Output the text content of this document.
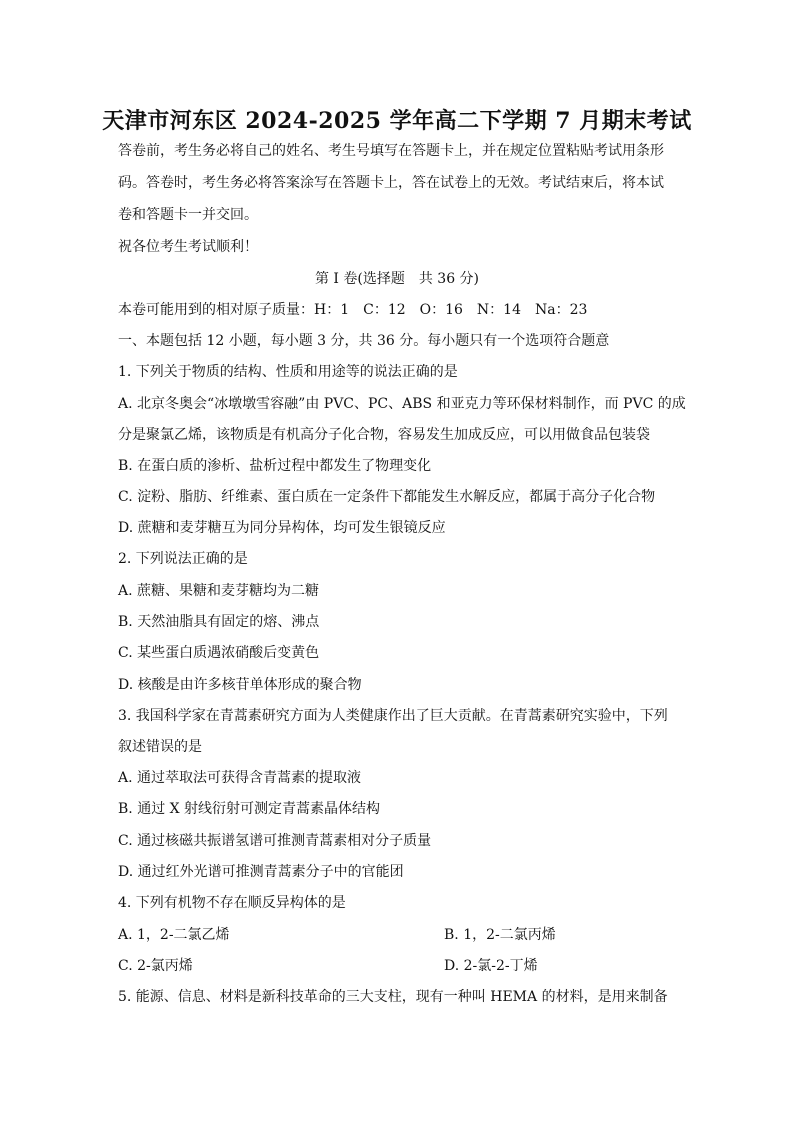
天津市河东区 2024-2025 学年高二下学期 7 月期末考试
答卷前，考生务必将自己的姓名、考生号填写在答题卡上，并在规定位置粘贴考试用条形
码。答卷时，考生务必将答案涂写在答题卡上，答在试卷上的无效。考试结束后，将本试
卷和答题卡一并交回。
祝各位考生考试顺利！
第 I 卷(选择题　共 36 分)
本卷可能用到的相对原子质量：H：1　C：12　O：16　N：14　Na：23
一、本题包括 12 小题，每小题 3 分，共 36 分。每小题只有一个选项符合题意
1. 下列关于物质的结构、性质和用途等的说法正确的是
A. 北京冬奥会“冰墩墩雪容融”由 PVC、PC、ABS 和亚克力等环保材料制作，而 PVC 的成
分是聚氯乙烯，该物质是有机高分子化合物，容易发生加成反应，可以用做食品包装袋
B. 在蛋白质的渗析、盐析过程中都发生了物理变化
C. 淀粉、脂肪、纤维素、蛋白质在一定条件下都能发生水解反应，都属于高分子化合物
D. 蔗糖和麦芽糖互为同分异构体，均可发生银镜反应
2. 下列说法正确的是
A. 蔗糖、果糖和麦芽糖均为二糖
B. 天然油脂具有固定的熔、沸点
C. 某些蛋白质遇浓硝酸后变黄色
D. 核酸是由许多核苷单体形成的聚合物
3. 我国科学家在青蒿素研究方面为人类健康作出了巨大贡献。在青蒿素研究实验中，下列
叙述错误的是
A. 通过萃取法可获得含青蒿素的提取液
B. 通过 X 射线衍射可测定青蒿素晶体结构
C. 通过核磁共振谱氢谱可推测青蒿素相对分子质量
D. 通过红外光谱可推测青蒿素分子中的官能团
4. 下列有机物不存在顺反异构体的是
A. 1，2-二氯乙烯	B. 1，2-二氯丙烯
C. 2-氯丙烯	D. 2-氯-2-丁烯
5. 能源、信息、材料是新科技革命的三大支柱，现有一种叫 HEMA 的材料，是用来制备
